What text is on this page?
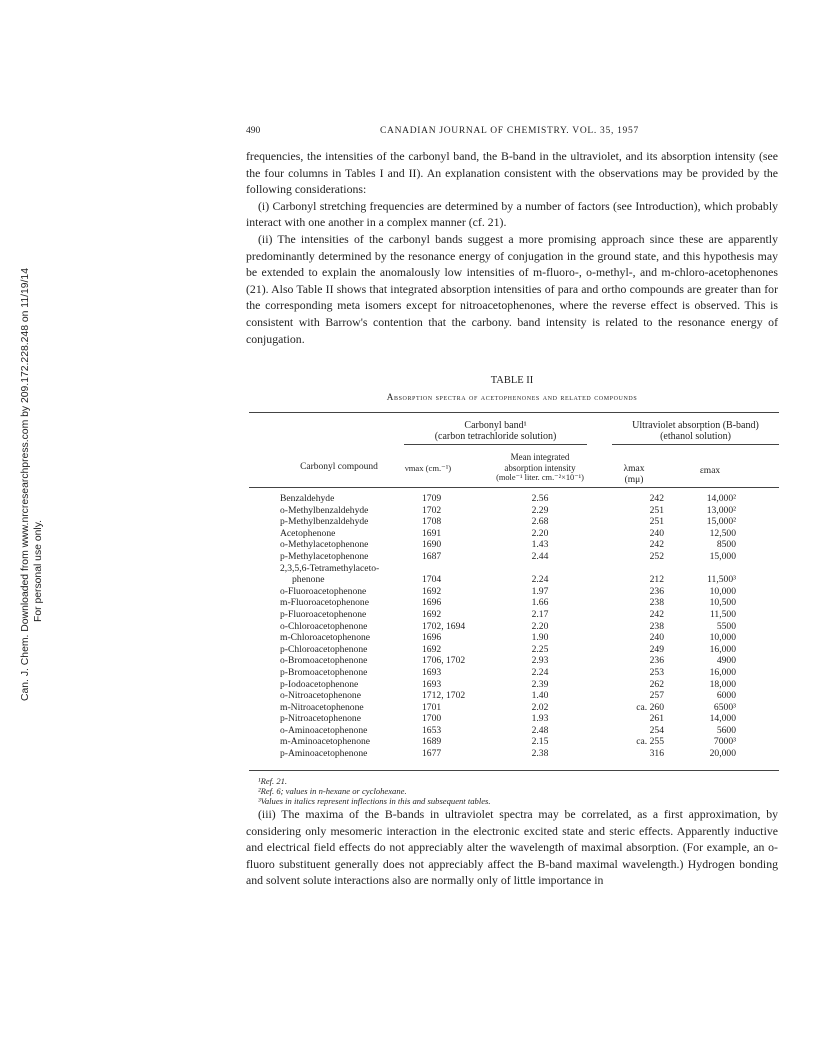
Can. J. Chem. Downloaded from www.nrcresearchpress.com by 209.172.228.248 on 11/19/14 For personal use only.
490	CANADIAN JOURNAL OF CHEMISTRY. VOL. 35, 1957

frequencies, the intensities of the carbonyl band, the B-band in the ultraviolet, and its absorption intensity (see the four columns in Tables I and II). An explanation consistent with the observations may be provided by the following considerations:

(i) Carbonyl stretching frequencies are determined by a number of factors (see Introduction), which probably interact with one another in a complex manner (cf. 21).

(ii) The intensities of the carbonyl bands suggest a more promising approach since these are apparently predominantly determined by the resonance energy of conjugation in the ground state, and this hypothesis may be extended to explain the anomalously low intensities of m-fluoro-, o-methyl-, and m-chloro-acetophenones (21). Also Table II shows that integrated absorption intensities of para and ortho compounds are greater than for the corresponding meta isomers except for nitroacetophenones, where the reverse effect is observed. This is consistent with Barrow's contention that the carbony. band intensity is related to the resonance energy of conjugation.

TABLE II
Absorption spectra of acetophenones and related compounds
Carbonyl band¹
(carbon tetrachloride solution)
Ultraviolet absorption (B-band)
(ethanol solution)
Carbonyl compound	νmax (cm.⁻¹)
Mean integrated
absorption intensity
(mole⁻¹ liter. cm.⁻²×10⁻¹)
λmax
(mμ)
εmax
Benzaldehyde
o-Methylbenzaldehyde
p-Methylbenzaldehyde
Acetophenone
o-Methylacetophenone
p-Methylacetophenone
2,3,5,6-Tetramethylaceto-
phenone
o-Fluoroacetophenone
m-Fluoroacetophenone
p-Fluoroacetophenone
o-Chloroacetophenone
m-Chloroacetophenone
p-Chloroacetophenone
o-Bromoacetophenone
p-Bromoacetophenone
p-Iodoacetophenone
o-Nitroacetophenone
m-Nitroacetophenone
p-Nitroacetophenone
o-Aminoacetophenone
m-Aminoacetophenone
p-Aminoacetophenone
1709
1702
1708
1691
1690
1687
1704
1692
1696
1692
1702, 1694
1696
1692
1706, 1702
1693
1693
1712, 1702
1701
1700
1653
1689
1677
2.56
2.29
2.68
2.20
1.43
2.44
2.24
1.97
1.66
2.17
2.20
1.90
2.25
2.93
2.24
2.39
1.40
2.02
1.93
2.48
2.15
2.38
242
251
251
240
242
252
212
236
238
242
238
240
249
236
253
262
257
ca. 260
261
254
ca. 255
316
14,000²
13,000²
15,000²
12,500
8500
15,000
11,500³
10,000
10,500
11,500
5500
10,000
16,000
4900
16,000
18,000
6000
6500³
14,000
5600
7000³
20,000
¹Ref. 21.
²Ref. 6; values in n-hexane or cyclohexane.
³Values in italics represent inflections in this and subsequent tables.

(iii) The maxima of the B-bands in ultraviolet spectra may be correlated, as a first approximation, by considering only mesomeric interaction in the electronic excited state and steric effects. Apparently inductive and electrical field effects do not appreciably alter the wavelength of maximal absorption. (For example, an o-fluoro substituent generally does not appreciably affect the B-band maximal wavelength.) Hydrogen bonding and solvent solute interactions also are normally only of little importance in
